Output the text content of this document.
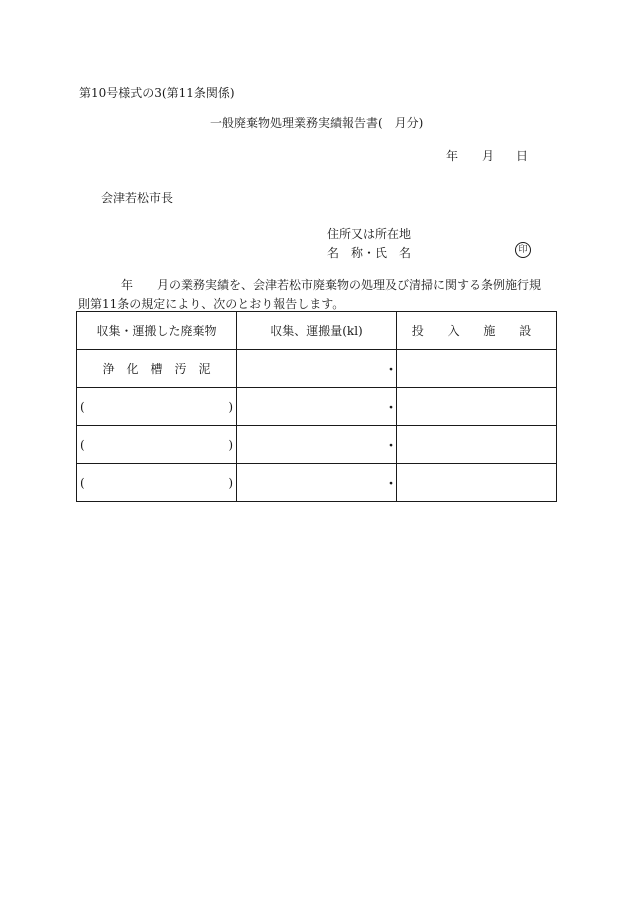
第10号様式の3(第11条関係)
一般廃棄物処理業務実績報告書(　月分)
年 月 日
会津若松市長
住所又は所在地
名　称・氏　名	印
年 月の業務実績を、会津若松市廃棄物の処理及び清掃に関する条例施行規
則第11条の規定により、次のとおり報告します。
収集・運搬した廃棄物	収集、運搬量(kl)	投 入 施 設
浄化槽汚泥	・	

( )	・	

( )	・	

( )	・	
